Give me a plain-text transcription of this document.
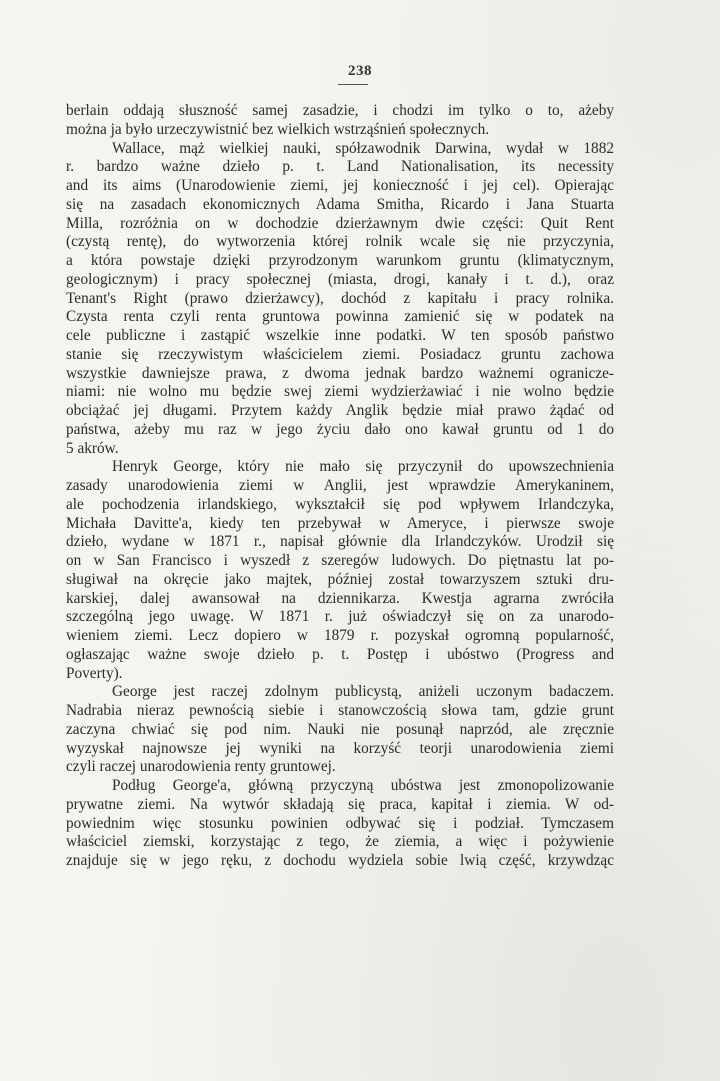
238
berlain oddają słuszność samej zasadzie, i chodzi im tylko o to, ażeby
można ja było urzeczywistnić bez wielkich wstrząśnień społecznych.
Wallace, mąż wielkiej nauki, spółzawodnik Darwina, wydał w 1882
r. bardzo ważne dzieło p. t. Land Nationalisation, its necessity
and its aims (Unarodowienie ziemi, jej konieczność i jej cel). Opierając
się na zasadach ekonomicznych Adama Smitha, Ricardo i Jana Stuarta
Milla, rozróżnia on w dochodzie dzierżawnym dwie części: Quit Rent
(czystą rentę), do wytworzenia której rolnik wcale się nie przyczynia,
a która powstaje dzięki przyrodzonym warunkom gruntu (klimatycznym,
geologicznym) i pracy społecznej (miasta, drogi, kanały i t. d.), oraz
Tenant's Right (prawo dzierżawcy), dochód z kapitału i pracy rolnika.
Czysta renta czyli renta gruntowa powinna zamienić się w podatek na
cele publiczne i zastąpić wszelkie inne podatki. W ten sposób państwo
stanie się rzeczywistym właścicielem ziemi. Posiadacz gruntu zachowa
wszystkie dawniejsze prawa, z dwoma jednak bardzo ważnemi ogranicze-
niami: nie wolno mu będzie swej ziemi wydzierżawiać i nie wolno będzie
obciążać jej długami. Przytem każdy Anglik będzie miał prawo żądać od
państwa, ażeby mu raz w jego życiu dało ono kawał gruntu od 1 do
5 akrów.
Henryk George, który nie mało się przyczynił do upowszechnienia
zasady unarodowienia ziemi w Anglii, jest wprawdzie Amerykaninem,
ale pochodzenia irlandskiego, wykształcił się pod wpływem Irlandczyka,
Michała Davitte'a, kiedy ten przebywał w Ameryce, i pierwsze swoje
dzieło, wydane w 1871 r., napisał głównie dla Irlandczyków. Urodził się
on w San Francisco i wyszedł z szeregów ludowych. Do piętnastu lat po-
sługiwał na okręcie jako majtek, później został towarzyszem sztuki dru-
karskiej, dalej awansował na dziennikarza. Kwestja agrarna zwróciła
szczególną jego uwagę. W 1871 r. już oświadczył się on za unarodo-
wieniem ziemi. Lecz dopiero w 1879 r. pozyskał ogromną popularność,
ogłaszając ważne swoje dzieło p. t. Postęp i ubóstwo (Progress and
Poverty).
George jest raczej zdolnym publicystą, aniżeli uczonym badaczem.
Nadrabia nieraz pewnością siebie i stanowczością słowa tam, gdzie grunt
zaczyna chwiać się pod nim. Nauki nie posunął naprzód, ale zręcznie
wyzyskał najnowsze jej wyniki na korzyść teorji unarodowienia ziemi
czyli raczej unarodowienia renty gruntowej.
Podług George'a, główną przyczyną ubóstwa jest zmonopolizowanie
prywatne ziemi. Na wytwór składają się praca, kapitał i ziemia. W od-
powiednim więc stosunku powinien odbywać się i podział. Tymczasem
właściciel ziemski, korzystając z tego, że ziemia, a więc i pożywienie
znajduje się w jego ręku, z dochodu wydziela sobie lwią część, krzywdząc
